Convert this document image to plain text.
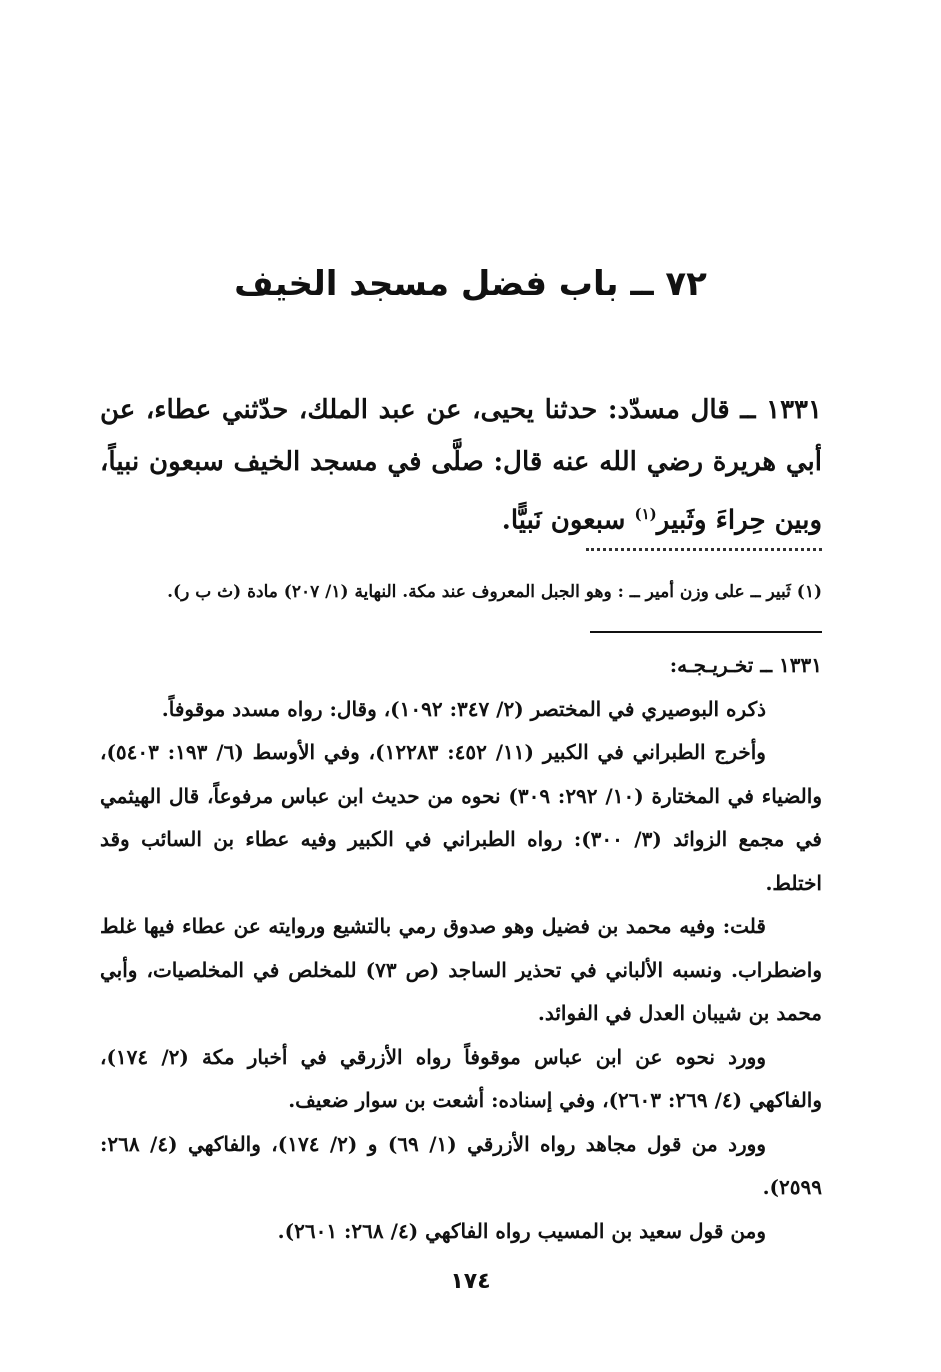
٧٢ ــ باب فضل مسجد الخيف
١٣٣١ ــ قال مسدّد: حدثنا يحيى، عن عبد الملك، حدّثني عطاء، عن أبي هريرة رضي الله عنه قال: صلَّى في مسجد الخيف سبعون نبياً، وبين حِراءَ وثَبير$^{(١)}$ سبعون نَبيًّا.
(١) ثَبير ــ على وزن أمير ــ : وهو الجبل المعروف عند مكة. النهاية (١/ ٢٠٧) مادة (ث ب ر).
١٣٣١ ــ تخـريـجـه:

ذكره البوصيري في المختصر (٢/ ٣٤٧: ١٠٩٢)، وقال: رواه مسدد موقوفاً.

وأخرج الطبراني في الكبير (١١/ ٤٥٢: ١٢٢٨٣)، وفي الأوسط (٦/ ١٩٣: ٥٤٠٣)، والضياء في المختارة (١٠/ ٢٩٢: ٣٠٩) نحوه من حديث ابن عباس مرفوعاً، قال الهيثمي في مجمع الزوائد (٣/ ٣٠٠): رواه الطبراني في الكبير وفيه عطاء بن السائب وقد اختلط.

قلت: وفيه محمد بن فضيل وهو صدوق رمي بالتشيع وروايته عن عطاء فيها غلط واضطراب. ونسبه الألباني في تحذير الساجد (ص ٧٣) للمخلص في المخلصيات، وأبي محمد بن شيبان العدل في الفوائد.

وورد نحوه عن ابن عباس موقوفاً رواه الأزرقي في أخبار مكة (٢/ ١٧٤)، والفاكهي (٤/ ٢٦٩: ٢٦٠٣)، وفي إسناده: أشعت بن سوار ضعيف.

وورد من قول مجاهد رواه الأزرقي (١/ ٦٩) و (٢/ ١٧٤)، والفاكهي (٤/ ٢٦٨: ٢٥٩٩).

ومن قول سعيد بن المسيب رواه الفاكهي (٤/ ٢٦٨: ٢٦٠١).

١٧٤
